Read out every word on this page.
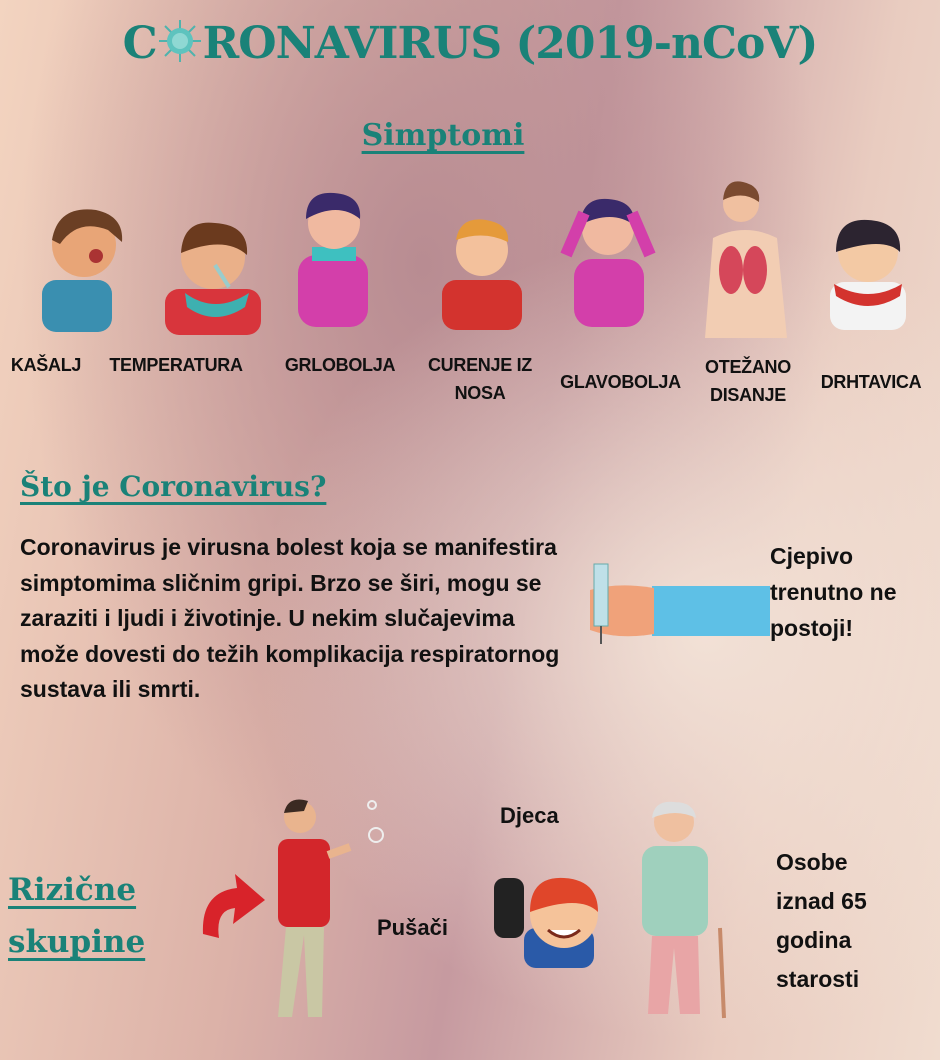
C RONAVIRUS (2019-nCoV)
Simptomi
KAŠALJ	TEMPERATURA	GRLOBOLJA	CURENJE IZ NOSA
GLAVOBOLJA
OTEŽANO DISANJE
DRHTAVICA
Što je Coronavirus?
Coronavirus je virusna bolest koja se manifestira simptomima sličnim gripi. Brzo se širi, mogu se zaraziti i ljudi i životinje. U nekim slučajevima može dovesti do težih komplikacija respiratornog sustava ili smrti.
Cjepivo trenutno ne postoji!
Rizične skupine	Pušači
Djeca
Osobe iznad 65 godina starosti
